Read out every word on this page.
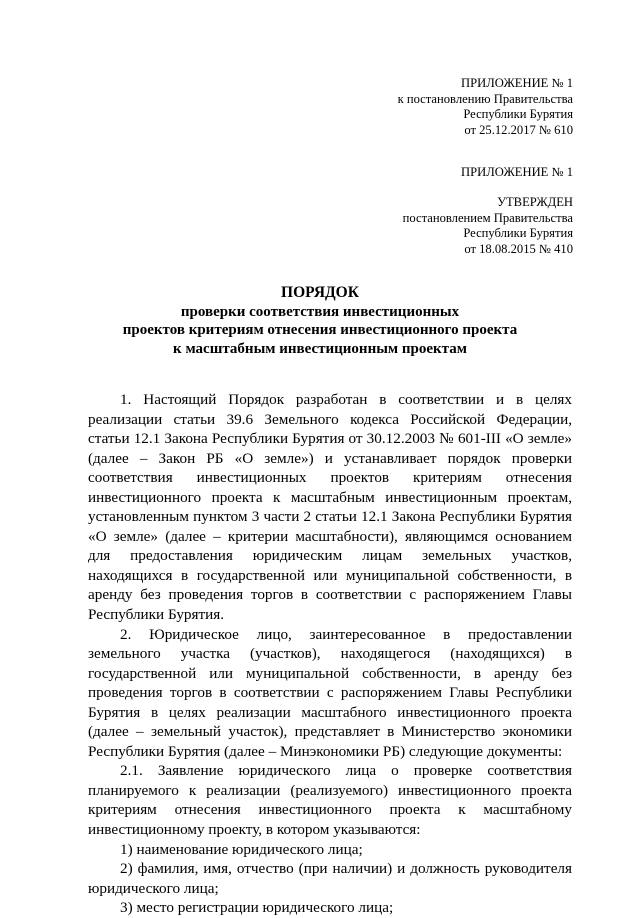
ПРИЛОЖЕНИЕ № 1
к постановлению Правительства
Республики Бурятия
от 25.12.2017 № 610
ПРИЛОЖЕНИЕ № 1
УТВЕРЖДЕН
постановлением Правительства
Республики Бурятия
от 18.08.2015 № 410
ПОРЯДОК
проверки соответствия инвестиционных
проектов критериям отнесения инвестиционного проекта
к масштабным инвестиционным проектам

1. Настоящий Порядок разработан в соответствии и в целях реализации статьи 39.6 Земельного кодекса Российской Федерации, статьи 12.1 Закона Республики Бурятия от 30.12.2003 № 601-III «О земле» (далее – Закон РБ «О земле») и устанавливает порядок проверки соответствия инвестиционных проектов критериям отнесения инвестиционного проекта к масштабным инвестиционным проектам, установленным пунктом 3 части 2 статьи 12.1 Закона Республики Бурятия «О земле» (далее – критерии масштабности), являющимся основанием для предоставления юридическим лицам земельных участков, находящихся в государственной или муниципальной собственности, в аренду без проведения торгов в соответствии с распоряжением Главы Республики Бурятия.

2. Юридическое лицо, заинтересованное в предоставлении земельного участка (участков), находящегося (находящихся) в государственной или муниципальной собственности, в аренду без проведения торгов в соответствии с распоряжением Главы Республики Бурятия в целях реализации масштабного инвестиционного проекта (далее – земельный участок), представляет в Министерство экономики Республики Бурятия (далее – Минэкономики РБ) следующие документы:

2.1. Заявление юридического лица о проверке соответствия планируемого к реализации (реализуемого) инвестиционного проекта критериям отнесения инвестиционного проекта к масштабному инвестиционному проекту, в котором указываются:

1) наименование юридического лица;

2) фамилия, имя, отчество (при наличии) и должность руководителя юридического лица;

3) место регистрации юридического лица;
